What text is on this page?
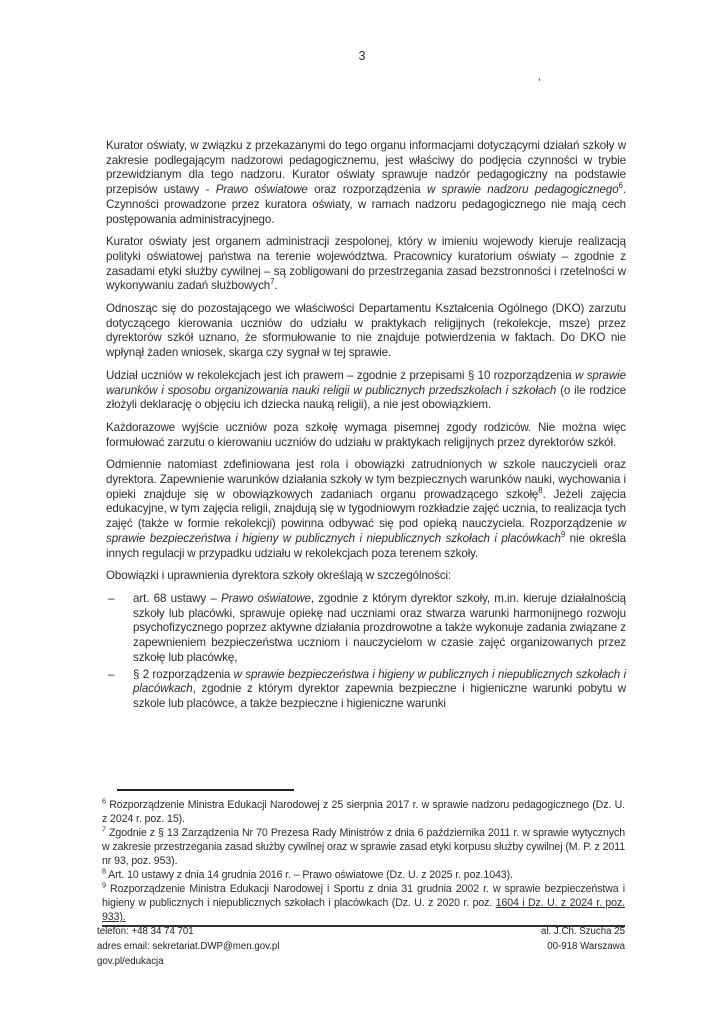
3
’

Kurator oświaty, w związku z przekazanymi do tego organu informacjami dotyczącymi działań szkoły w zakresie podlegającym nadzorowi pedagogicznemu, jest właściwy do podjęcia czynności w trybie przewidzianym dla tego nadzoru. Kurator oświaty sprawuje nadzór pedagogiczny na podstawie przepisów ustawy - Prawo oświatowe oraz rozporządzenia w sprawie nadzoru pedagogicznego$^6$. Czynności prowadzone przez kuratora oświaty, w ramach nadzoru pedagogicznego nie mają cech postępowania administracyjnego.

Kurator oświaty jest organem administracji zespolonej, który w imieniu wojewody kieruje realizacją polityki oświatowej państwa na terenie województwa. Pracownicy kuratorium oświaty – zgodnie z zasadami etyki służby cywilnej – są zobligowani do przestrzegania zasad bezstronności i rzetelności w wykonywaniu zadań służbowych$^7$.

Odnosząc się do pozostającego we właściwości Departamentu Kształcenia Ogólnego (DKO) zarzutu dotyczącego kierowania uczniów do udziału w praktykach religijnych (rekolekcje, msze) przez dyrektorów szkół uznano, że sformułowanie to nie znajduje potwierdzenia w faktach. Do DKO nie wpłynął żaden wniosek, skarga czy sygnał w tej sprawie.

Udział uczniów w rekolekcjach jest ich prawem – zgodnie z przepisami § 10 rozporządzenia w sprawie warunków i sposobu organizowania nauki religii w publicznych przedszkolach i szkołach (o ile rodzice złożyli deklarację o objęciu ich dziecka nauką religii), a nie jest obowiązkiem.

Każdorazowe wyjście uczniów poza szkołę wymaga pisemnej zgody rodziców. Nie można więc formułować zarzutu o kierowaniu uczniów do udziału w praktykach religijnych przez dyrektorów szkół.

Odmiennie natomiast zdefiniowana jest rola i obowiązki zatrudnionych w szkole nauczycieli oraz dyrektora. Zapewnienie warunków działania szkoły w tym bezpiecznych warunków nauki, wychowania i opieki znajduje się w obowiązkowych zadaniach organu prowadzącego szkołę$^8$. Jeżeli zajęcia edukacyjne, w tym zajęcia religii, znajdują się w tygodniowym rozkładzie zajęć ucznia, to realizacja tych zajęć (także w formie rekolekcji) powinna odbywać się pod opieką nauczyciela. Rozporządzenie w sprawie bezpieczeństwa i higieny w publicznych i niepublicznych szkołach i placówkach$^9$ nie określa innych regulacji w przypadku udziału w rekolekcjach poza terenem szkoły.

Obowiązki i uprawnienia dyrektora szkoły określają w szczególności:

– art. 68 ustawy – Prawo oświatowe, zgodnie z którym dyrektor szkoły, m.in. kieruje działalnością szkoły lub placówki, sprawuje opiekę nad uczniami oraz stwarza warunki harmonijnego rozwoju psychofizycznego poprzez aktywne działania prozdrowotne a także wykonuje zadania związane z zapewnieniem bezpieczeństwa uczniom i nauczycielom w czasie zajęć organizowanych przez szkołę lub placówkę,
– § 2 rozporządzenia w sprawie bezpieczeństwa i higieny w publicznych i niepublicznych szkołach i placówkach, zgodnie z którym dyrektor zapewnia bezpieczne i higieniczne warunki pobytu w szkole lub placówce, a także bezpieczne i higieniczne warunki

$^6$ Rozporządzenie Ministra Edukacji Narodowej z 25 sierpnia 2017 r. w sprawie nadzoru pedagogicznego (Dz. U. z 2024 r. poz. 15).

$^7$ Zgodnie z § 13 Zarządzenia Nr 70 Prezesa Rady Ministrów z dnia 6 października 2011 r. w sprawie wytycznych w zakresie przestrzegania zasad służby cywilnej oraz w sprawie zasad etyki korpusu służby cywilnej (M. P. z 2011 nr 93, poz. 953).

$^8$ Art. 10 ustawy z dnia 14 grudnia 2016 r. – Prawo oświatowe (Dz. U. z 2025 r. poz.1043).

$^9$ Rozporządzenie Ministra Edukacji Narodowej i Sportu z dnia 31 grudnia 2002 r. w sprawie bezpieczeństwa i higieny w publicznych i niepublicznych szkołach i placówkach (Dz. U. z 2020 r. poz. 1604 i Dz. U. z 2024 r. poz. 933).

telefon: +48 34 74 701
adres email: sekretariat.DWP@men.gov.pl
gov.pl/edukacja
al. J.Ch. Szucha 25
00-918 Warszawa
